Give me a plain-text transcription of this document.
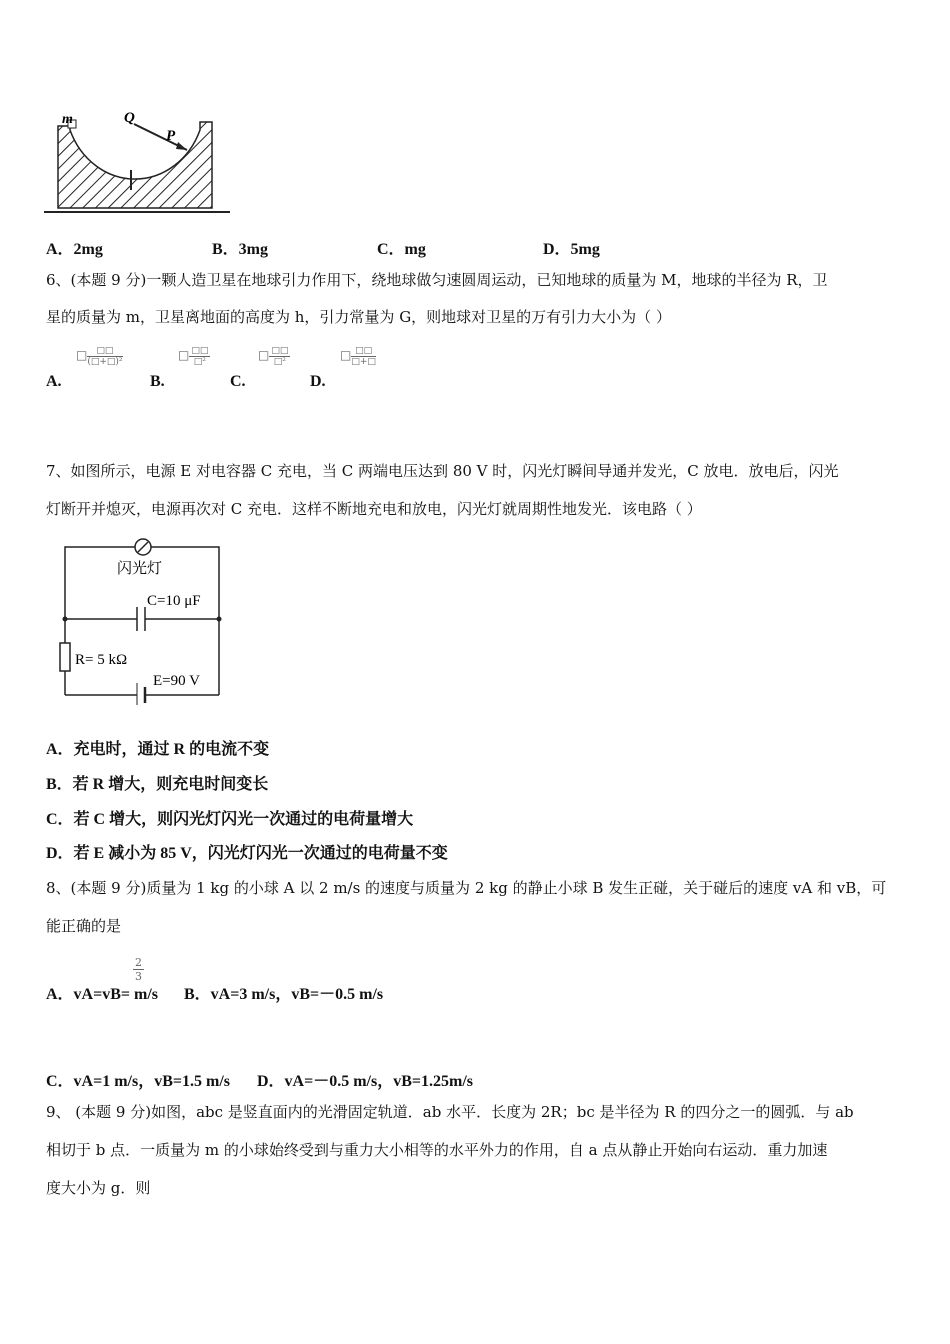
m	Q
P
A．2mg	B．3mg	C．mg	D．5mg
6、(本题 9 分)一颗人造卫星在地球引力作用下，绕地球做匀速圆周运动，已知地球的质量为 M，地球的半径为 R，卫
星的质量为 m，卫星离地面的高度为 h，引力常量为 G，则地球对卫星的万有引力大小为（ ）
A.
□	□□
(□+□)²
B.
□ □□
□²
C.
□ □□
□²
D.
□ □□
□+□
7、如图所示，电源 E 对电容器 C 充电，当 C 两端电压达到 80 V 时，闪光灯瞬间导通并发光，C 放电．放电后，闪光
灯断开并熄灭，电源再次对 C 充电．这样不断地充电和放电，闪光灯就周期性地发光．该电路（ ）
闪光灯
C=10 μF
R= 5 kΩ
E=90 V
A．充电时，通过 R 的电流不变
B．若 R 增大，则充电时间变长
C．若 C 增大，则闪光灯闪光一次通过的电荷量增大
D．若 E 减小为 85 V，闪光灯闪光一次通过的电荷量不变
8、(本题 9 分)质量为 1 kg 的小球 A 以 2 m/s 的速度与质量为 2 kg 的静止小球 B 发生正碰，关于碰后的速度 vA 和 vB，可
能正确的是
$\frac{2}{3}$
A．vA=vB= m/s B．vA=3 m/s，vB=－0.5 m/s
C．vA=1 m/s，vB=1.5 m/s D．vA=－0.5 m/s，vB=1.25m/s
9、 (本题 9 分)如图，abc 是竖直面内的光滑固定轨道．ab 水平．长度为 2R；bc 是半径为 R 的四分之一的圆弧．与 ab
相切于 b 点．一质量为 m 的小球始终受到与重力大小相等的水平外力的作用，自 a 点从静止开始向右运动．重力加速
度大小为 g．则
